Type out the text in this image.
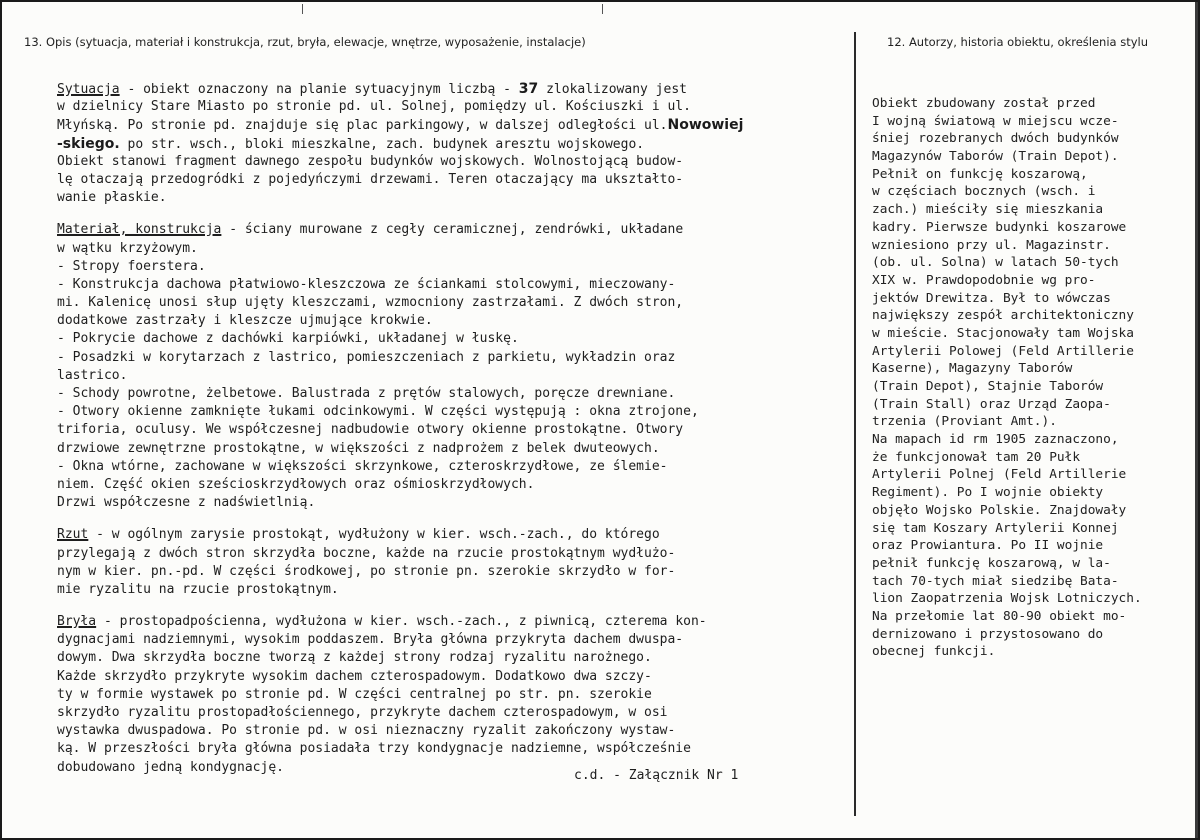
13. Opis (sytuacja, materiał i konstrukcja, rzut, bryła, elewacje, wnętrze, wyposażenie, instalacje)	12. Autorzy, historia obiektu, określenia stylu
Sytuacja - obiekt oznaczony na planie sytuacyjnym liczbą - 37 zlokalizowany jest
w dzielnicy Stare Miasto po stronie pd. ul. Solnej, pomiędzy ul. Kościuszki i ul.
Młyńską. Po stronie pd. znajduje się plac parkingowy, w dalszej odległości ul.Nowowiej
-skiego. po str. wsch., bloki mieszkalne, zach. budynek aresztu wojskowego.
Obiekt stanowi fragment dawnego zespołu budynków wojskowych. Wolnostojącą budow-
lę otaczają przedogródki z pojedyńczymi drzewami. Teren otaczający ma ukształto-
wanie płaskie.
Materiał, konstrukcja - ściany murowane z cegły ceramicznej, zendrówki, układane
w wątku krzyżowym.
- Stropy foerstera.
- Konstrukcja dachowa płatwiowo-kleszczowa ze ściankami stolcowymi, mieczowany-
mi. Kalenicę unosi słup ujęty kleszczami, wzmocniony zastrzałami. Z dwóch stron,
dodatkowe zastrzały i kleszcze ujmujące krokwie.
- Pokrycie dachowe z dachówki karpiówki, układanej w łuskę.
- Posadzki w korytarzach z lastrico, pomieszczeniach z parkietu, wykładzin oraz
lastrico.
- Schody powrotne, żelbetowe. Balustrada z prętów stalowych, poręcze drewniane.
- Otwory okienne zamknięte łukami odcinkowymi. W części występują : okna ztrojone,
triforia, oculusy. We współczesnej nadbudowie otwory okienne prostokątne. Otwory
drzwiowe zewnętrzne prostokątne, w większości z nadprożem z belek dwuteowych.
- Okna wtórne, zachowane w większości skrzynkowe, czteroskrzydłowe, ze ślemie-
niem. Część okien sześcioskrzydłowych oraz ośmioskrzydłowych.
Drzwi współczesne z nadświetlnią.
Rzut - w ogólnym zarysie prostokąt, wydłużony w kier. wsch.-zach., do którego
przylegają z dwóch stron skrzydła boczne, każde na rzucie prostokątnym wydłużo-
nym w kier. pn.-pd. W części środkowej, po stronie pn. szerokie skrzydło w for-
mie ryzalitu na rzucie prostokątnym.
Bryła - prostopadpościenna, wydłużona w kier. wsch.-zach., z piwnicą, czterema kon-
dygnacjami nadziemnymi, wysokim poddaszem. Bryła główna przykryta dachem dwuspa-
dowym. Dwa skrzydła boczne tworzą z każdej strony rodzaj ryzalitu narożnego.
Każde skrzydło przykryte wysokim dachem czterospadowym. Dodatkowo dwa szczy-
ty w formie wystawek po stronie pd. W części centralnej po str. pn. szerokie
skrzydło ryzalitu prostopadłościennego, przykryte dachem czterospadowym, w osi
wystawka dwuspadowa. Po stronie pd. w osi nieznaczny ryzalit zakończony wystaw-
ką. W przeszłości bryła główna posiadała trzy kondygnacje nadziemne, współcześnie
dobudowano jedną kondygnację.
c.d. - Załącznik Nr 1
Obiekt zbudowany został przed
I wojną światową w miejscu wcze-
śniej rozebranych dwóch budynków
Magazynów Taborów (Train Depot).
Pełnił on funkcję koszarową,
w częściach bocznych (wsch. i
zach.) mieściły się mieszkania
kadry. Pierwsze budynki koszarowe
wzniesiono przy ul. Magazinstr.
(ob. ul. Solna) w latach 50-tych
XIX w. Prawdopodobnie wg pro-
jektów Drewitza. Był to wówczas
największy zespół architektoniczny
w mieście. Stacjonowały tam Wojska
Artylerii Polowej (Feld Artillerie
Kaserne), Magazyny Taborów
(Train Depot), Stajnie Taborów
(Train Stall) oraz Urząd Zaopa-
trzenia (Proviant Amt.).
Na mapach id rm 1905 zaznaczono,
że funkcjonował tam 20 Pułk
Artylerii Polnej (Feld Artillerie
Regiment). Po I wojnie obiekty
objęło Wojsko Polskie. Znajdowały
się tam Koszary Artylerii Konnej
oraz Prowiantura. Po II wojnie
pełnił funkcję koszarową, w la-
tach 70-tych miał siedzibę Bata-
lion Zaopatrzenia Wojsk Lotniczych.
Na przełomie lat 80-90 obiekt mo-
dernizowano i przystosowano do
obecnej funkcji.
